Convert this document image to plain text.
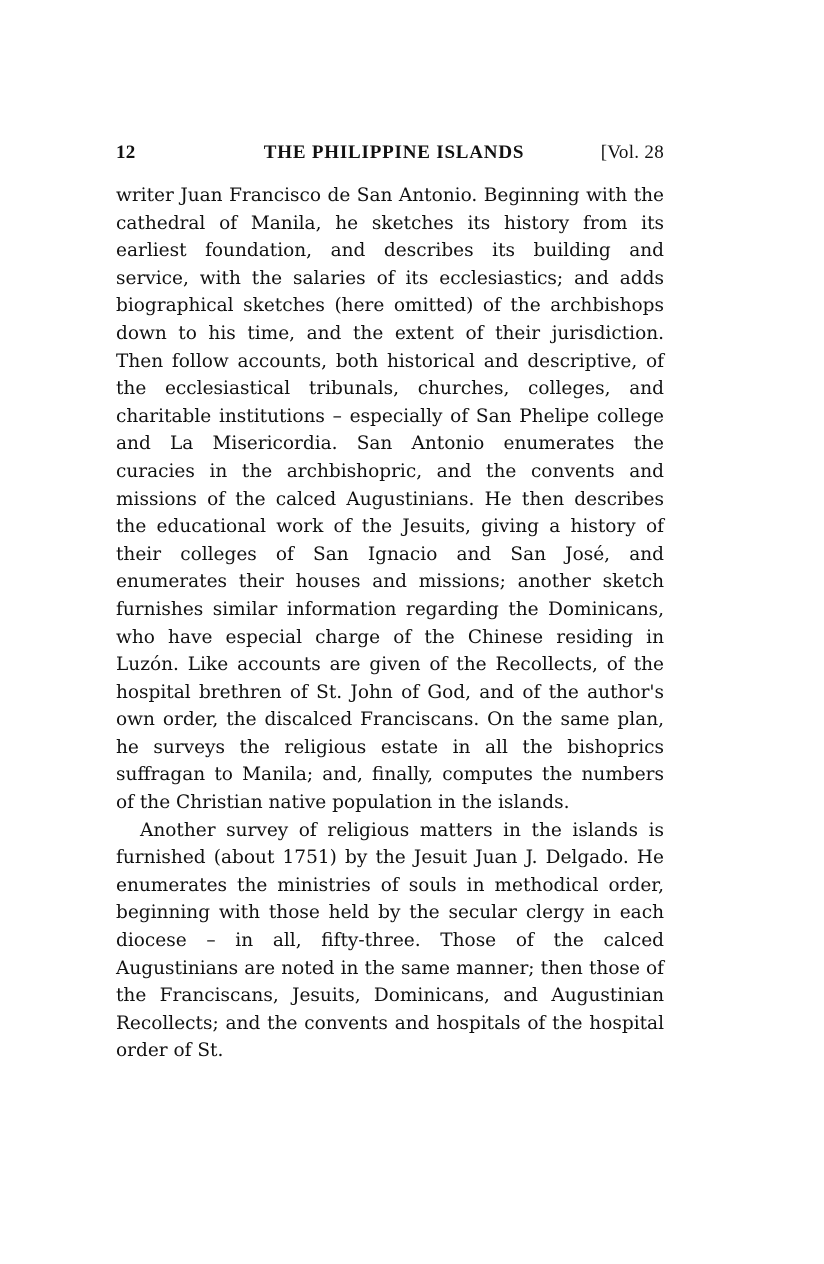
12	THE PHILIPPINE ISLANDS	[Vol. 28

writer Juan Francisco de San Antonio. Beginning with the cathedral of Manila, he sketches its history from its earliest foundation, and describes its building and service, with the salaries of its ecclesiastics; and adds biographical sketches (here omitted) of the archbishops down to his time, and the extent of their jurisdiction. Then follow accounts, both historical and descriptive, of the ecclesiastical tribunals, churches, colleges, and charitable institutions – especially of San Phelipe college and La Misericordia. San Antonio enumerates the curacies in the archbishopric, and the convents and missions of the calced Augustinians. He then describes the educational work of the Jesuits, giving a history of their colleges of San Ignacio and San José, and enumerates their houses and missions; another sketch furnishes similar information regarding the Dominicans, who have especial charge of the Chinese residing in Luzón. Like accounts are given of the Recollects, of the hospital brethren of St. John of God, and of the author's own order, the discalced Franciscans. On the same plan, he surveys the religious estate in all the bishoprics suffragan to Manila; and, finally, computes the numbers of the Christian native population in the islands.

Another survey of religious matters in the islands is furnished (about 1751) by the Jesuit Juan J. Delgado. He enumerates the ministries of souls in methodical order, beginning with those held by the secular clergy in each diocese – in all, fifty-three. Those of the calced Augustinians are noted in the same manner; then those of the Franciscans, Jesuits, Dominicans, and Augustinian Recollects; and the convents and hospitals of the hospital order of St.
